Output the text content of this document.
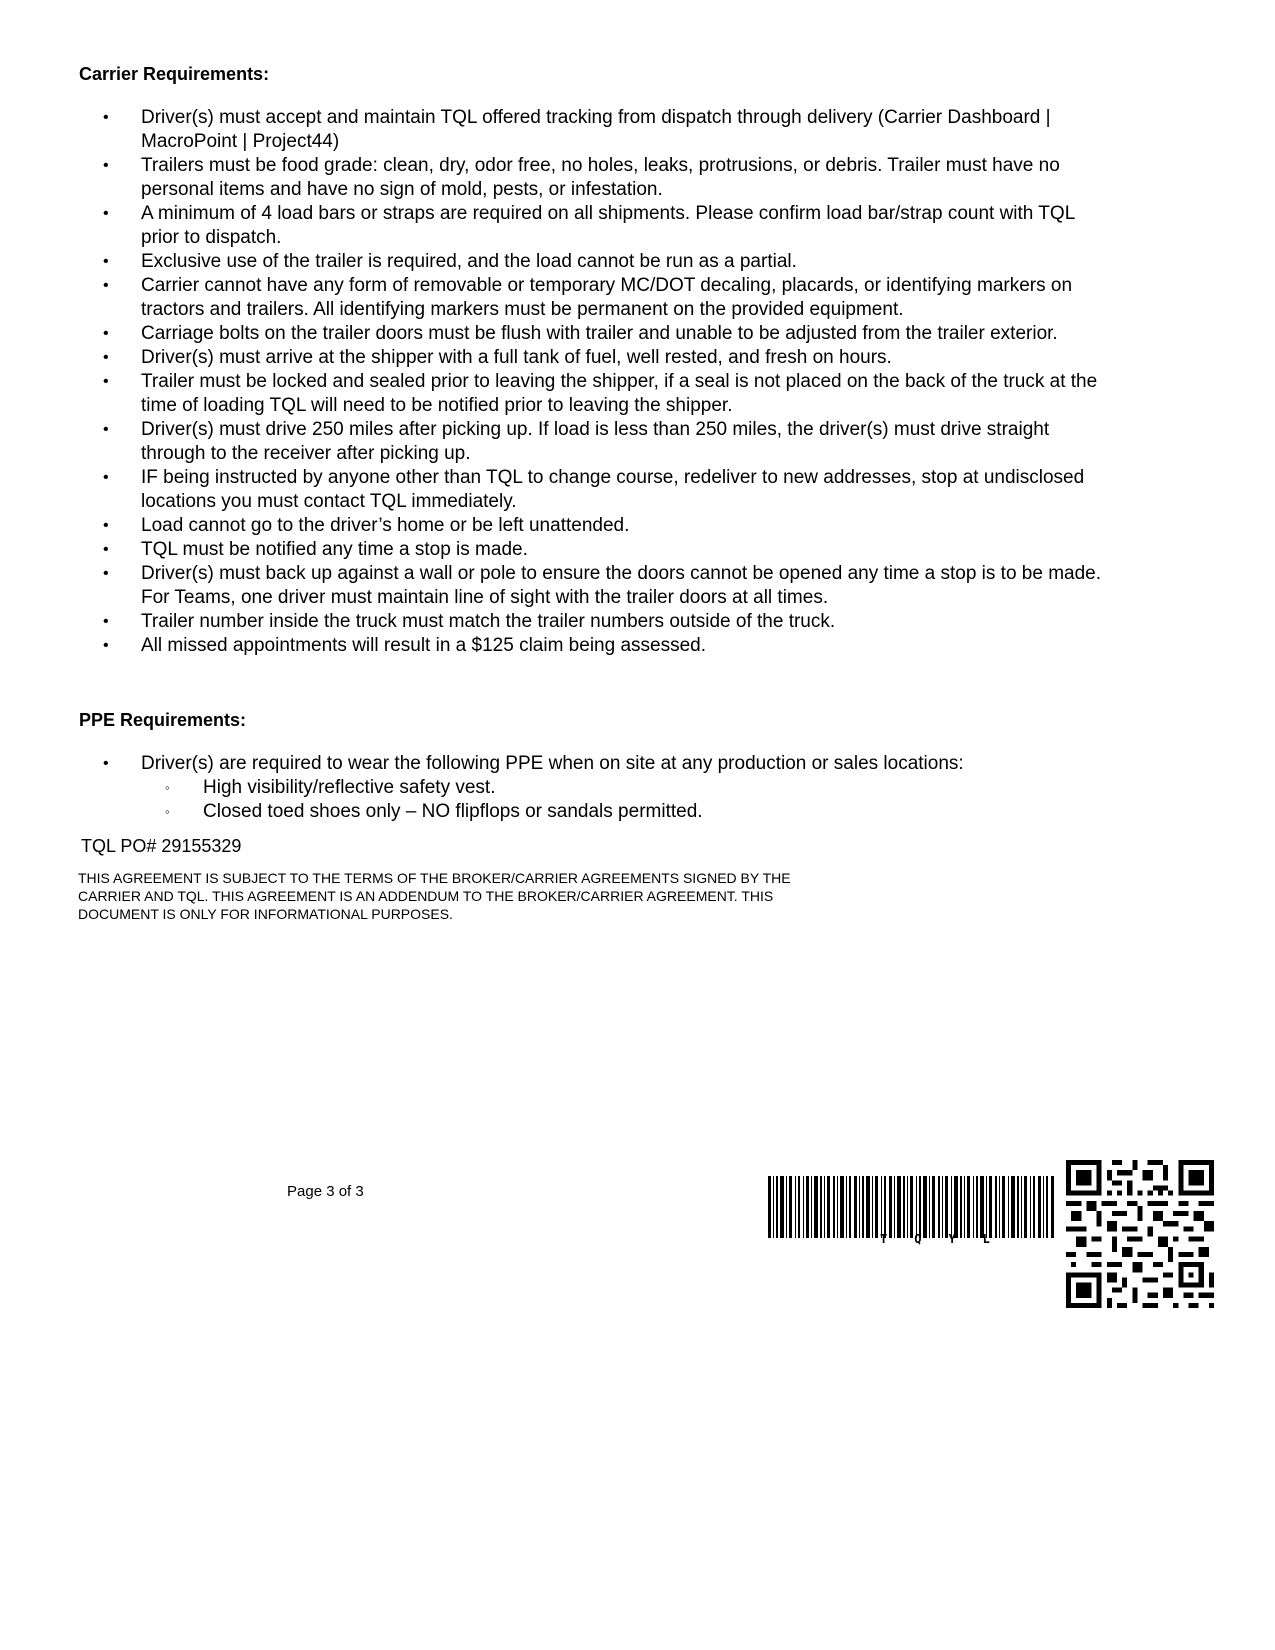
Carrier Requirements:
• Driver(s) must accept and maintain TQL offered tracking from dispatch through delivery (Carrier Dashboard | MacroPoint | Project44)
• Trailers must be food grade: clean, dry, odor free, no holes, leaks, protrusions, or debris. Trailer must have no personal items and have no sign of mold, pests, or infestation.
• A minimum of 4 load bars or straps are required on all shipments. Please confirm load bar/strap count with TQL prior to dispatch.
• Exclusive use of the trailer is required, and the load cannot be run as a partial.
• Carrier cannot have any form of removable or temporary MC/DOT decaling, placards, or identifying markers on tractors and trailers. All identifying markers must be permanent on the provided equipment.
• Carriage bolts on the trailer doors must be flush with trailer and unable to be adjusted from the trailer exterior.
• Driver(s) must arrive at the shipper with a full tank of fuel, well rested, and fresh on hours.
• Trailer must be locked and sealed prior to leaving the shipper, if a seal is not placed on the back of the truck at the time of loading TQL will need to be notified prior to leaving the shipper.
• Driver(s) must drive 250 miles after picking up. If load is less than 250 miles, the driver(s) must drive straight through to the receiver after picking up.
• IF being instructed by anyone other than TQL to change course, redeliver to new addresses, stop at undisclosed locations you must contact TQL immediately.
• Load cannot go to the driver’s home or be left unattended.
• TQL must be notified any time a stop is made.
• Driver(s) must back up against a wall or pole to ensure the doors cannot be opened any time a stop is to be made. For Teams, one driver must maintain line of sight with the trailer doors at all times.
• Trailer number inside the truck must match the trailer numbers outside of the truck.
• All missed appointments will result in a $125 claim being assessed.
PPE Requirements:
• Driver(s) are required to wear the following PPE when on site at any production or sales locations:
◦ High visibility/reflective safety vest.
◦ Closed toed shoes only – NO flipflops or sandals permitted.
TQL PO# 29155329
THIS AGREEMENT IS SUBJECT TO THE TERMS OF THE BROKER/CARRIER AGREEMENTS SIGNED BY THE CARRIER AND TQL. THIS AGREEMENT IS AN ADDENDUM TO THE BROKER/CARRIER AGREEMENT. THIS DOCUMENT IS ONLY FOR INFORMATIONAL PURPOSES.
Page 3 of 3
TQYL
